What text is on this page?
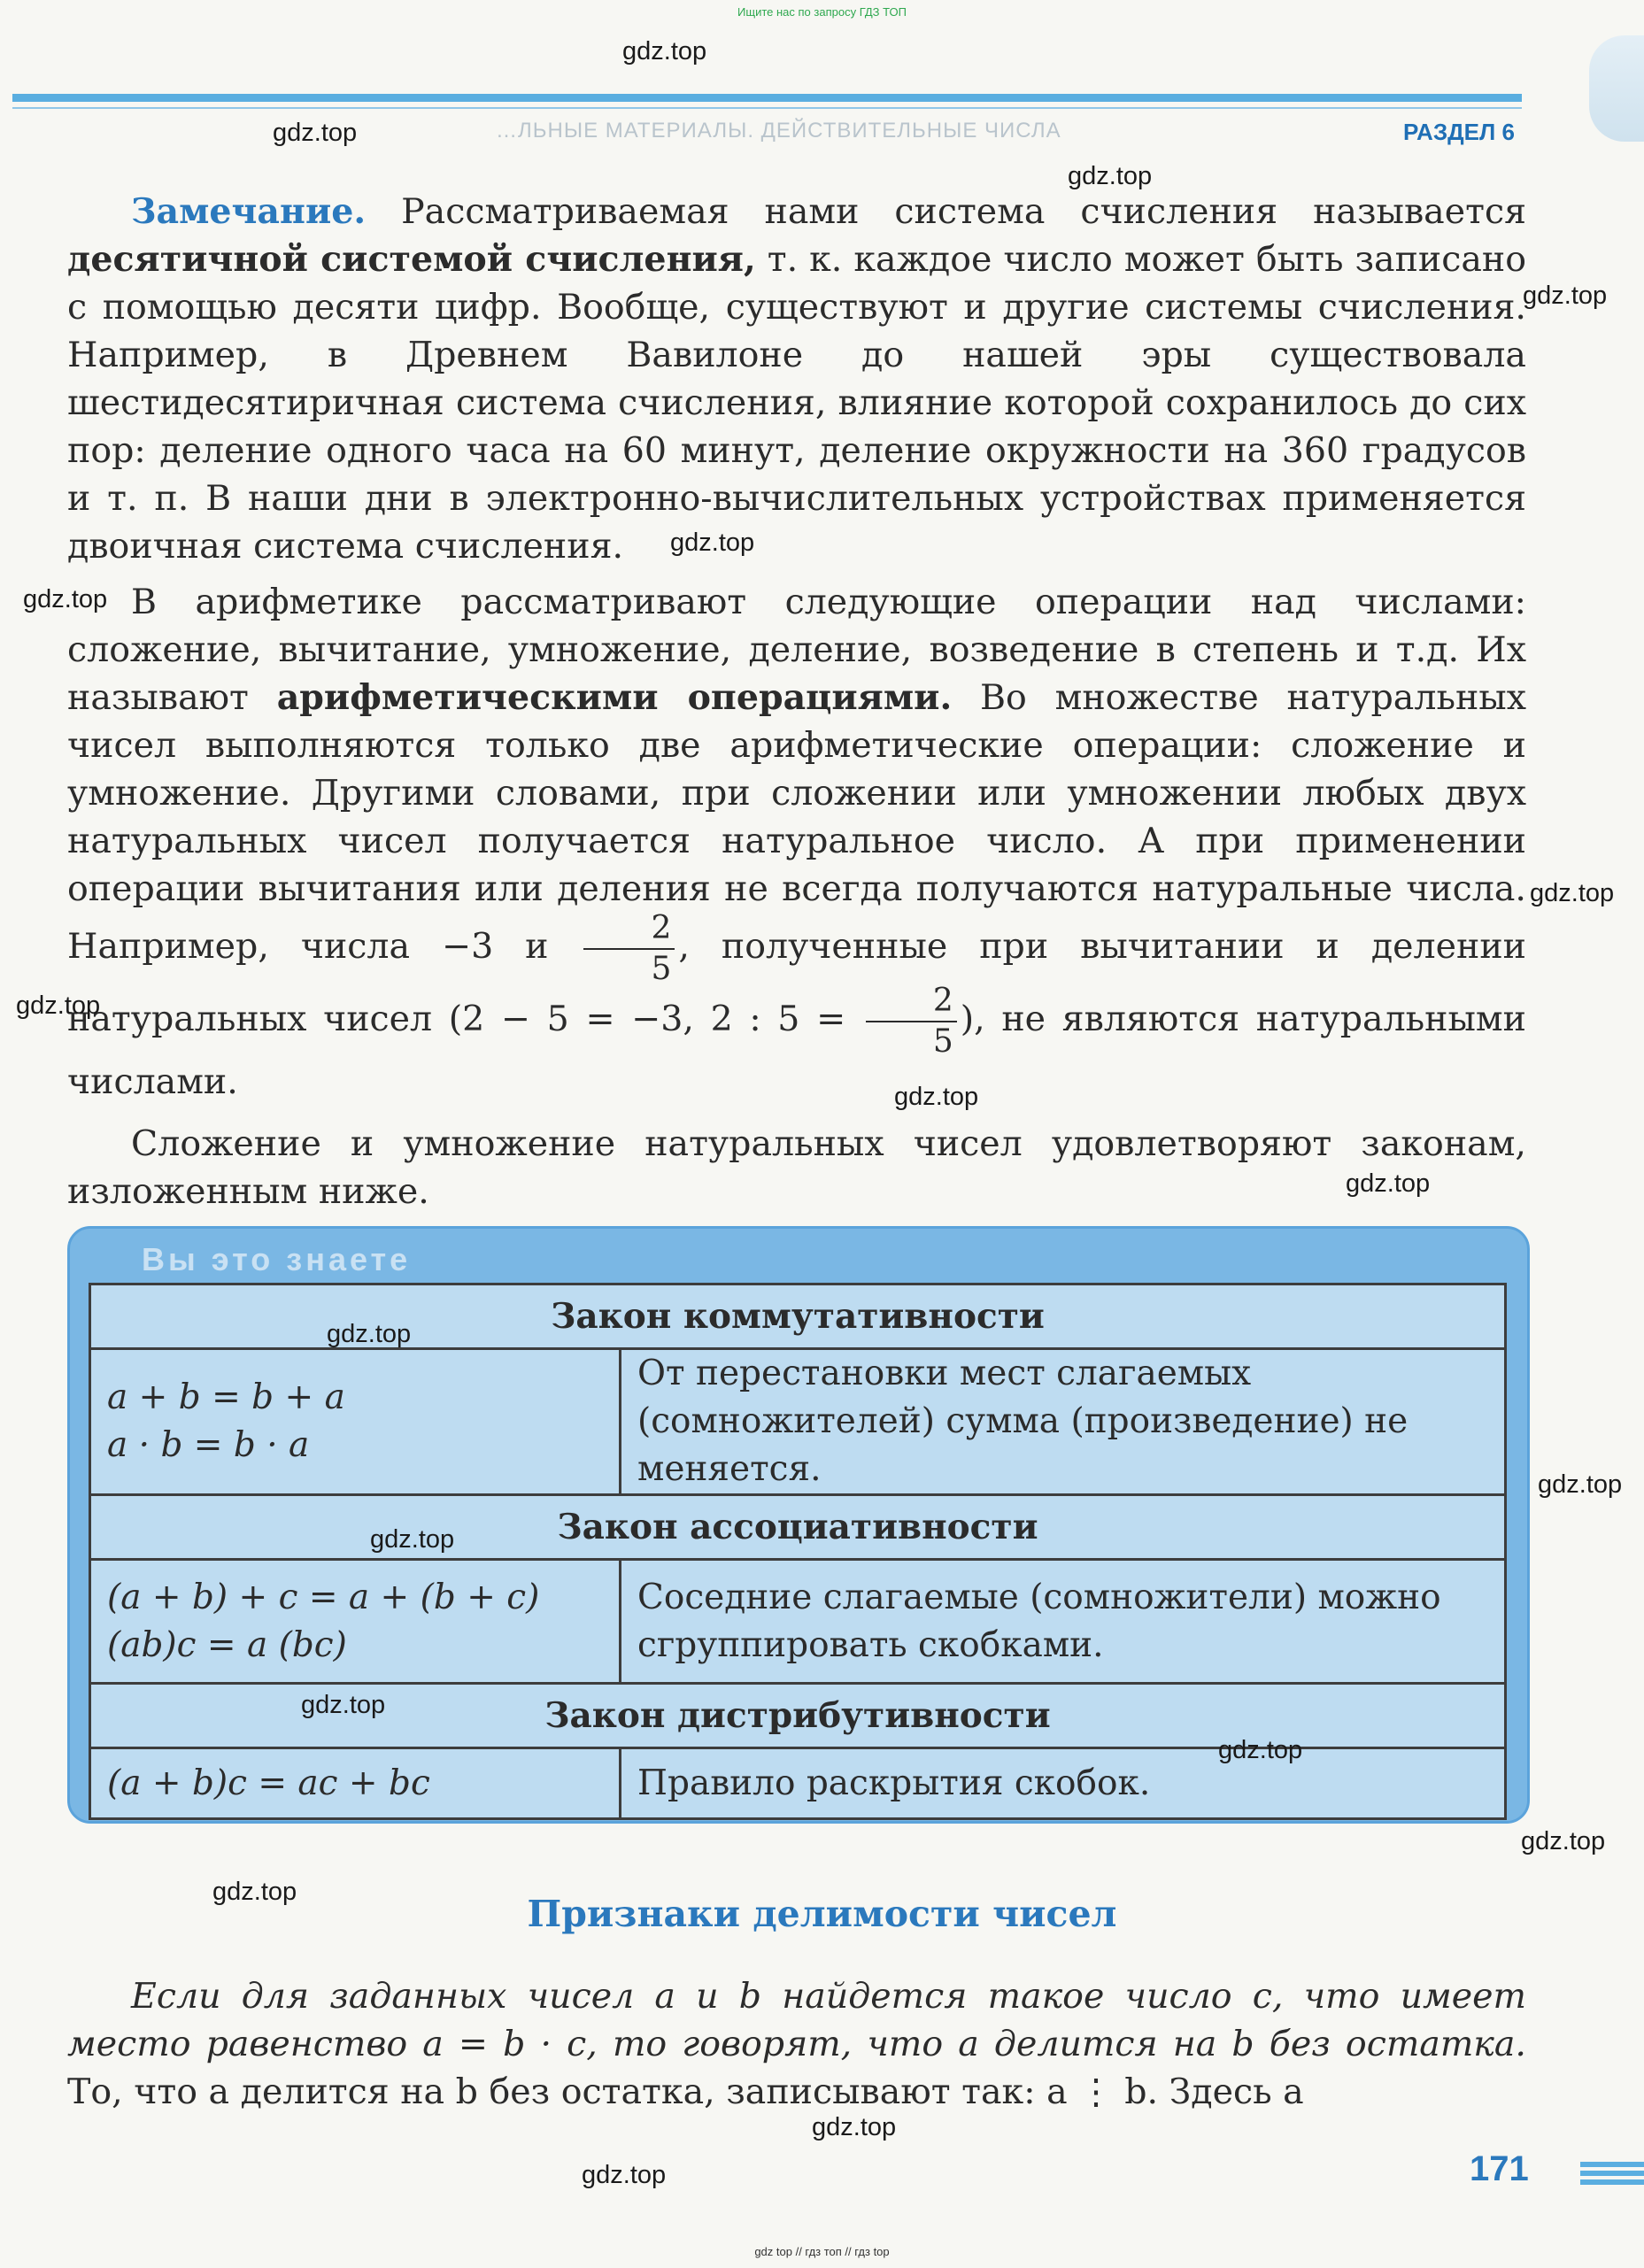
Ищите нас по запросу ГДЗ ТОП
…ЛЬНЫЕ МАТЕРИАЛЫ. ДЕЙСТВИТЕЛЬНЫЕ ЧИСЛА	РАЗДЕЛ 6
Замечание. Рассматриваемая нами система счисления называется десятичной системой счисления, т. к. каждое число может быть записано с помощью десяти цифр. Вообще, существуют и другие системы счисления. Например, в Древнем Вавилоне до нашей эры существовала шестидесятиричная система счисления, влияние которой сохранилось до сих пор: деление одного часа на 60 минут, деление окружности на 360 градусов и т. п. В наши дни в электронно-вычислительных устройствах применяется двоичная система счисления.
В арифметике рассматривают следующие операции над числами: сложение, вычитание, умножение, деление, возведение в степень и т.д. Их называют арифметическими операциями. Во множестве натуральных чисел выполняются только две арифметические операции: сложение и умножение. Другими словами, при сложении или умножении любых двух натуральных чисел получается натуральное число. А при применении операции вычитания или деления не всегда получаются натуральные числа. Например, числа −3 и $\frac{2}{5}$ , полученные при вычитании и делении натуральных чисел (2 − 5 = −3, 2 : $5 = \frac{2}{5}$ ), не являются натуральными числами.
Сложение и умножение натуральных чисел удовлетворяют законам, изложенным ниже.
Вы это знаете
Закон коммутативности	

a + b = b + a
a · b = b · a	От перестановки мест слагаемых (сомножителей) сумма (произведение) не меняется.
Закон ассоциативности	

(a + b) + c = a + (b + c)
(ab)c = a (bc)	Соседние слагаемые (сомножители) можно сгруппировать скобками.
Закон дистрибутивности	

(a + b)c = ac + bc	Правило раскрытия скобок.
Признаки делимости чисел
Если для заданных чисел a и b найдется такое число c, что имеет место равенство a = b · c, то говорят, что a делится на b без остатка. То, что a делится на b без остатка, записывают так: a ⋮ b. Здесь a
171
gdz.top
gdz.top
gdz.top
gdz.top
gdz.top
gdz.top
gdz.top
gdz.top
gdz.top
gdz.top
gdz.top
gdz.top
gdz.top
gdz.top
gdz.top
gdz.top
gdz.top
gdz.top
gdz.top
gdz top // гдз топ // гдз top
